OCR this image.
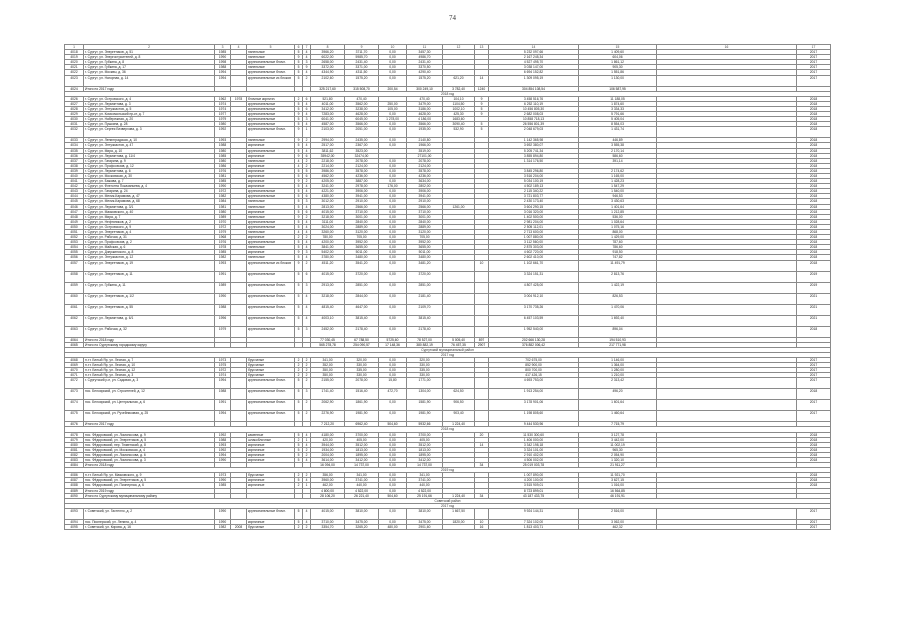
74
1	2	3	4	5	6	7	8	9	10	11	12	13	14	15	16	17
4018	г. Сургут, ул. Энергетиков, д. 51	1985		панельные	5	4	3966,20	3711,70	0,00	3457,30			5 232 097,66	1 409,60		2017
4019	г. Сургут, ул. Энергостроителей, д. 8	1990		панельные	9	4	6022,00	5985,70	0,00	4986,70			2 167 245,34	604,06		2017
4020	г. Сургут, ул. Губкина, д. 8	1998		крупнопанельные блочн.	5	3	2658,00	2431,40	0,00	2431,40			4 527 495,70	1 861,12		2017
4021	г. Сургут, ул. Губкина, д. 17	1988		панельные	5	9	3372,00	3371,00	0,00	3370,50			3 038 147,00	905,30		2017
4022	г. Сургут, ул. Москвы, д. 36	1994		крупнопанельные блочн.	5	4	4344,90	4311,50	0,00	4290,40			6 694 152,82	1 551,86		2017
4023	г. Сургут, ул. Нагорная, д. 14	1994		крупнопанельные из блоков	5	2	2102,60	1575,20	0,00	1575,20	621,20	14	1 309 095,19	1 130,00		2017
4024	Итого по 2017 году						325 217,60	315 508,70	200,54	300 249,10	3 782,40	1240	304 854 108,54	106 587,95		
2018 год																
4026	г. Сургут, ул. Островского, д. 4	1962	1978	блочные кирпичн.	2	6	521,80	470,40		470,40	104,10	9	3 458 516,76	11 188,05		2018
4027	г. Сургут, ул. Лермонтова, д. 3	1974		крупнопанельные	5	4	4011,00	3562,00	250,00	3479,00	1104,50	9	6 252 110,19	1 874,60		2018
4028	г. Сургут, ул. Энтузиастов, д. 5	1974		крупнопанельные	5	6	3412,00	3238,00	105,00	3186,00	1002,10	5	10 456 805,30	3 334,33		2018
4029	г. Сургут, ул. Комсомольский пр-кт, д. 7	1977		крупнопанельные	9	4	7283,00	4628,00	0,00	4628,00	425,30	9	2 682 008,03	5 791,66		2018
4030	г. Сургут, ул. Набережная, д. 20	1979		крупнопанельные	5	3	6041,00	6045,00	1 278,00	4 186,00	1683,60		10 858 718,13	5 405,04		2018
4031	г. Сургут, ул. Пушкина, д. 28	1980		крупнопанельные	5	4	4587,00	3566,00	0,00	3566,00	3090,40	5	26 556 801,39	8 554,03		2018
4032	г. Сургут, ул. Сергея Безверхова, д. 3	1992		крупнопанельные блочн.	9	1	2103,00	2051,00	0,00	1935,00	532,90	5	2 048 679,03	1 431,74		2018
4033	г. Сургут, ул. Ленинградская, д. 10	1993		панельные	9	2	2994,00	2435,00	0,00	2140,80			1 142 365,98	446,89		2018
4034	г. Сургут, ул. Энтузиастов, д. 47	1988		кирпичные	5	4	2517,00	2367,00	0,00	1966,00			3 692 380,07	3 555,38		2018
4035	г. Сургут, ул. Мира, д. 10	1980		крупнопанельные	5	4	3811,62	3523,00		3519,00			5 205 741,34	2 170,14		2018
4036	г. Сургут, ул. Лермонтова, д. 11/4	1985		кирпичные	9	6	35942,00	32474,00		27101,00			3 855 894,80	586,60		2018
4037	г. Сургут, ул. Гагарина, д. 9	1980		панельные	4	2	2218,00	2078,00	0,00	2078,00			1 314 176,50	391,14		2018
4038	г. Сургут, ул. Профсоюзов, д. 12	1986		кирпичные	4	2	2214,00	2124,00	0,00	2124,00						2018
4039	г. Сургут, ул. Лермонтова, д. 6	1976		кирпичные	5	5	3986,00	3578,00	0,00	3578,00			3 845 296,80	2 174,62		2018
4040	г. Сургут, ул. Московская, д. 30	1981		кирпичные	5	6	4562,00	4236,00	0,00	4236,00			3 516 204,00	1 165,00		2018
4041	г. Сургут, ул. Бажова, д. 7	1985		кирпичные	9	2	4205,00	3887,00	0,00	3634,00			5 034 100,19	1 428,23		2018
4042	г. Сургут, ул. Флегонта Показаньева, д. 4	1990		кирпичные	5	4	3241,00	2978,00	176,00	2802,00			4 502 189,13	1 547,29		2018
4043	г. Сургут, ул. Гагарина, д. 24	1972		крупнопанельные	5	4	4221,00	3906,00	0,00	3906,00			2 115 340,22	1 540,00		2018
4044	г. Сургут, ул. Мелик-Карамова, д. 47	1982		крупнопанельные	5	6	4380,00	3941,00	0,00	3941,00			3 721 803,77	946,53		2018
4045	г. Сургут, ул. Мелик-Карамова, д. 68	1984		панельные	5	3	3012,00	2910,00	0,00	2910,00			2 430 173,40	3 430,63		2018
4046	г. Сургут, ул. Лермонтова, д. 3/1	1981		панельные	5	4	2813,00	2566,00	0,00	2566,00	1261,00		3 604 290,15	1 401,64		2018
4047	г. Сургут, ул. Маяковского, д. 40	1980		кирпичные	5	6	4015,00	3710,00	0,00	3710,00			3 016 320,00	1 212,85		2018
4048	г. Сургут, ул. Мира, д. 7	1989		панельные	9	2	3218,00	3001,00	0,00	3001,00			1 402 500,00	536,00		2018
4049	г. Сургут, ул. Нефтяников, д. 2	1970		крупнопанельные	5	4	3111,00	2840,00	0,00	2840,00			2 981 204,00	1 028,64		2018
4050	г. Сургут, ул. Островского, д. 9	1972		крупнопанельные	5	4	3024,00	2889,00	0,00	2889,00			2 505 112,01	1 075,16		2018
4051	г. Сургут, ул. Энергетиков, д. 4	1979		панельные	4	4	3260,00	3120,00	0,00	3120,00			2 713 600,00	868,00		2018
4052	г. Сургут, ул. Рабочая, д. 31	1968		кирпичные	2	2	780,00	705,00	0,00	705,00			1 007 880,00	1 429,00		2018
4053	г. Сургут, ул. Профсоюзов, д. 2	1976		крупнопанельные	5	4	4200,00	3952,00	0,00	3952,00			3 112 560,00	787,60		2018
4054	г. Сургут, ул. Майская, д. 6	1978		панельные	5	4	3841,00	3655,00	0,00	3655,00			2 875 303,00	786,60		2018
4055	г. Сургут, ул. Дзержинского, д. 8	1985		кирпичные	9	3	5402,00	5011,00	0,00	5011,00			4 602 720,00	918,50		2018
4056	г. Сургут, ул. Энтузиастов, д. 12	1982		панельные	5	4	3780,00	3480,00	0,00	3480,00			2 602 410,00	747,82		2018
4057	г. Сургут, ул. Энергетиков, д. 19	1993		крупнопанельные из блоков	9	2	4511,20	3541,20	0,00	3481,20		10	1 102 661,70	11 491,79		2018
4058	г. Сургут, ул. Энергетиков, д. 11	1991		крупнопанельные	5	6	4015,00	3720,00	0,00	3720,00			3 324 151,31	2 813,76		2019
4059	г. Сургут, ул. Губкина, д. 11	1989		крупнопанельные блочн.	5	3	2913,00	2851,00	0,00	2851,00			4 807 425,00	1 422,19		2019
4060	г. Сургут, ул. Энергетиков, д. 1/2	1990		крупнопанельные блочн.	5	4	3218,00	2844,00	0,00	2181,40			3 004 912,10	826,53		2021
4061	г. Сургут, ул. Энергетиков, д. 55	1988		крупнопанельные блочн.	5	4	4815,40	4647,00	0,00	2109,70			3 170 735,26	1 470,06		2021
4062	г. Сургут, ул. Лермонтова, д. 6/1	1996		крупнопанельные блочн.	5	4	4003,10	3815,40	0,00	3815,40			6 457 103,59	1 692,40		2021
4063	г. Сургут, ул. Рабочая, д. 32	1979		крупнопанельные	5	3	2452,00	2178,40	0,00	2178,40			1 952 540,00	896,04		2018
4064	Итого по 2018 году						77 030,45	67 788,50	5725,60	78 527,00	5 005,40	897	202 666 130,28	194 510,93		
4065	Итого по Сургутскому городскому округу						565 278,78	254 090,57	17 148,36	380 882,19	76 457,35	2907	376 882 006,42	217 771,98		
Сургутский муниципальный район																
2017 год																
4068	п.г.т. Белый Яр, ул. Лесная, д. 7	1973		брусчатые	2	2	341,00	320,00	0,00	320,00			702 675,00	1 146,00		2017
4069	п.г.т. Белый Яр, ул. Лесная, д. 10	1975		брусчатые	2	2	352,00	330,00	0,00	330,00			852 900,00	1 364,00		2017
4070	п.г.т. Белый Яр, ул. Лесная, д. 12	1972		брусчатые	2	2	350,00	335,00	0,00	335,00			800 700,00	1 280,00		2017
4071	п.г.т. Белый Яр, ул. Лесная, д. 3	1974		брусчатые	2	2	350,00	330,00	0,00	330,00			417 426,15	1 210,00		2017
4072	г. Сургутский р-н, ул. Садовая, д. 3	1994		крупнопанельные блочн.	5	2	2155,00	2078,00	15,80	1771,00			4 693 753,00	2 313,42		2017
4073	пос. Белоярский, ул. Строителей, д. 12	1988		крупнопанельные блочн.	5	3	1741,40	1516,40	472,70	1304,00	624,50		1 913 254,00	496,20		2018
4074	пос. Белоярский, ул. Центральная, д. 6	1991		крупнопанельные блочн.	5	2	2062,90	1861,90	0,00	1581,90	906,50		3 178 901,06	1 601,64		2017
4075	пос. Белоярский, ул. Ручейниковая, д. 25	1994		крупнопанельные блочн.	5	2	2276,90	1981,90	0,00	1981,90	903,40		1 198 805,60	1 460,64		2017
4076	Итого по 2017 году						7 212,20	6962,40	504,60	5932,66	1 224,40		9 444 530,96	7 715,79		
2018 год																
4078	пос. Фёдоровский, ул. Ломоносова, д. 9	1992		каменные	5	4	4180,00	3700,00	0,00	3700,00		20	11 530 300,60	3 127,78		2018
4079	пос. Фёдоровский, ул. Энергетиков, д. 5	1988		шлакоблочные	2	1	420,00	405,00	0,00	405,00			1 406 000,00	3 442,00		2018
4080	пос. Фёдоровский, пер. Тюменский, д. 8	1993		кирпичные	5	4	3944,00	3512,00	0,00	3512,00		14	3 342 198,18	11 002,19		2018
4081	пос. Фёдоровский, ул. Московская, д. 4	1992		кирпичные	5	2	1934,00	1813,00	0,00	1813,00			3 324 101,00	965,30		2018
4082	пос. Фёдоровский, ул. Ломоносова, д. 6	1994		кирпичные	5	2	2004,00	1895,00	0,00	1895,00			2 910 402,00	2 054,90		2018
4083	пос. Фёдоровский, ул. Ломоносова, д. 3	1990		кирпичные	5	4	3614,00	3412,00	0,00	3412,00			4 506 002,00	1 320,10		2018
4084	Итого по 2018 году						16 094,00	14 737,00	0,00	14 737,00		34	25 019 003,78	21 911,27		
2019 год																
4086	п.г.т. Белый Яр, ул. Маяковского, д. 9	1973		брусчатые	2	2	356,00	341,00	0,00	341,00			1 007 890,00	11 921,70		2018
4087	пос. Фёдоровский, ул. Энергетиков, д. 5	1990		кирпичные	5	4	3960,00	3741,00	0,00	3741,00			4 200 100,00	3 627,15		2018
4088	пос. Фёдоровский, ул. Пионерная, д. 6	1985		кирпичные	2	1	462,00	440,00	0,00	440,00			3 515 909,01	1 016,00		2018
4089	Итого по 2019 году						4 800,00	4 522,00	0,00	4 522,00			8 723 899,01	16 564,85		
4090	Итого по Сургутскому муниципальному району						28 106,20	26 221,40	504,60	25 191,66	1 224,40	34	43 187 433,75	46 191,91		
Советский район																
2017 год																
4093	г. Советский, ул. Гастелло, д. 2	1990		крупнопанельные блочн.	5	4	4015,00	3810,00	0,00	3810,00	1 667,50		9 924 144,31	2 516,00		2017
4094	пос. Пионерский, ул. Ленина, д. 4	1990		кирпичные	5	4	3710,00	3475,00	0,00	3475,00	1820,00	10	7 324 102,00	3 062,00		2017
4095	г. Советский, ул. Кирова, д. 16	1982	2008	брусчатые	2	2	3354,70	3265,20	480,00	2901,60		16	1 813 403,71	462,32		2017
